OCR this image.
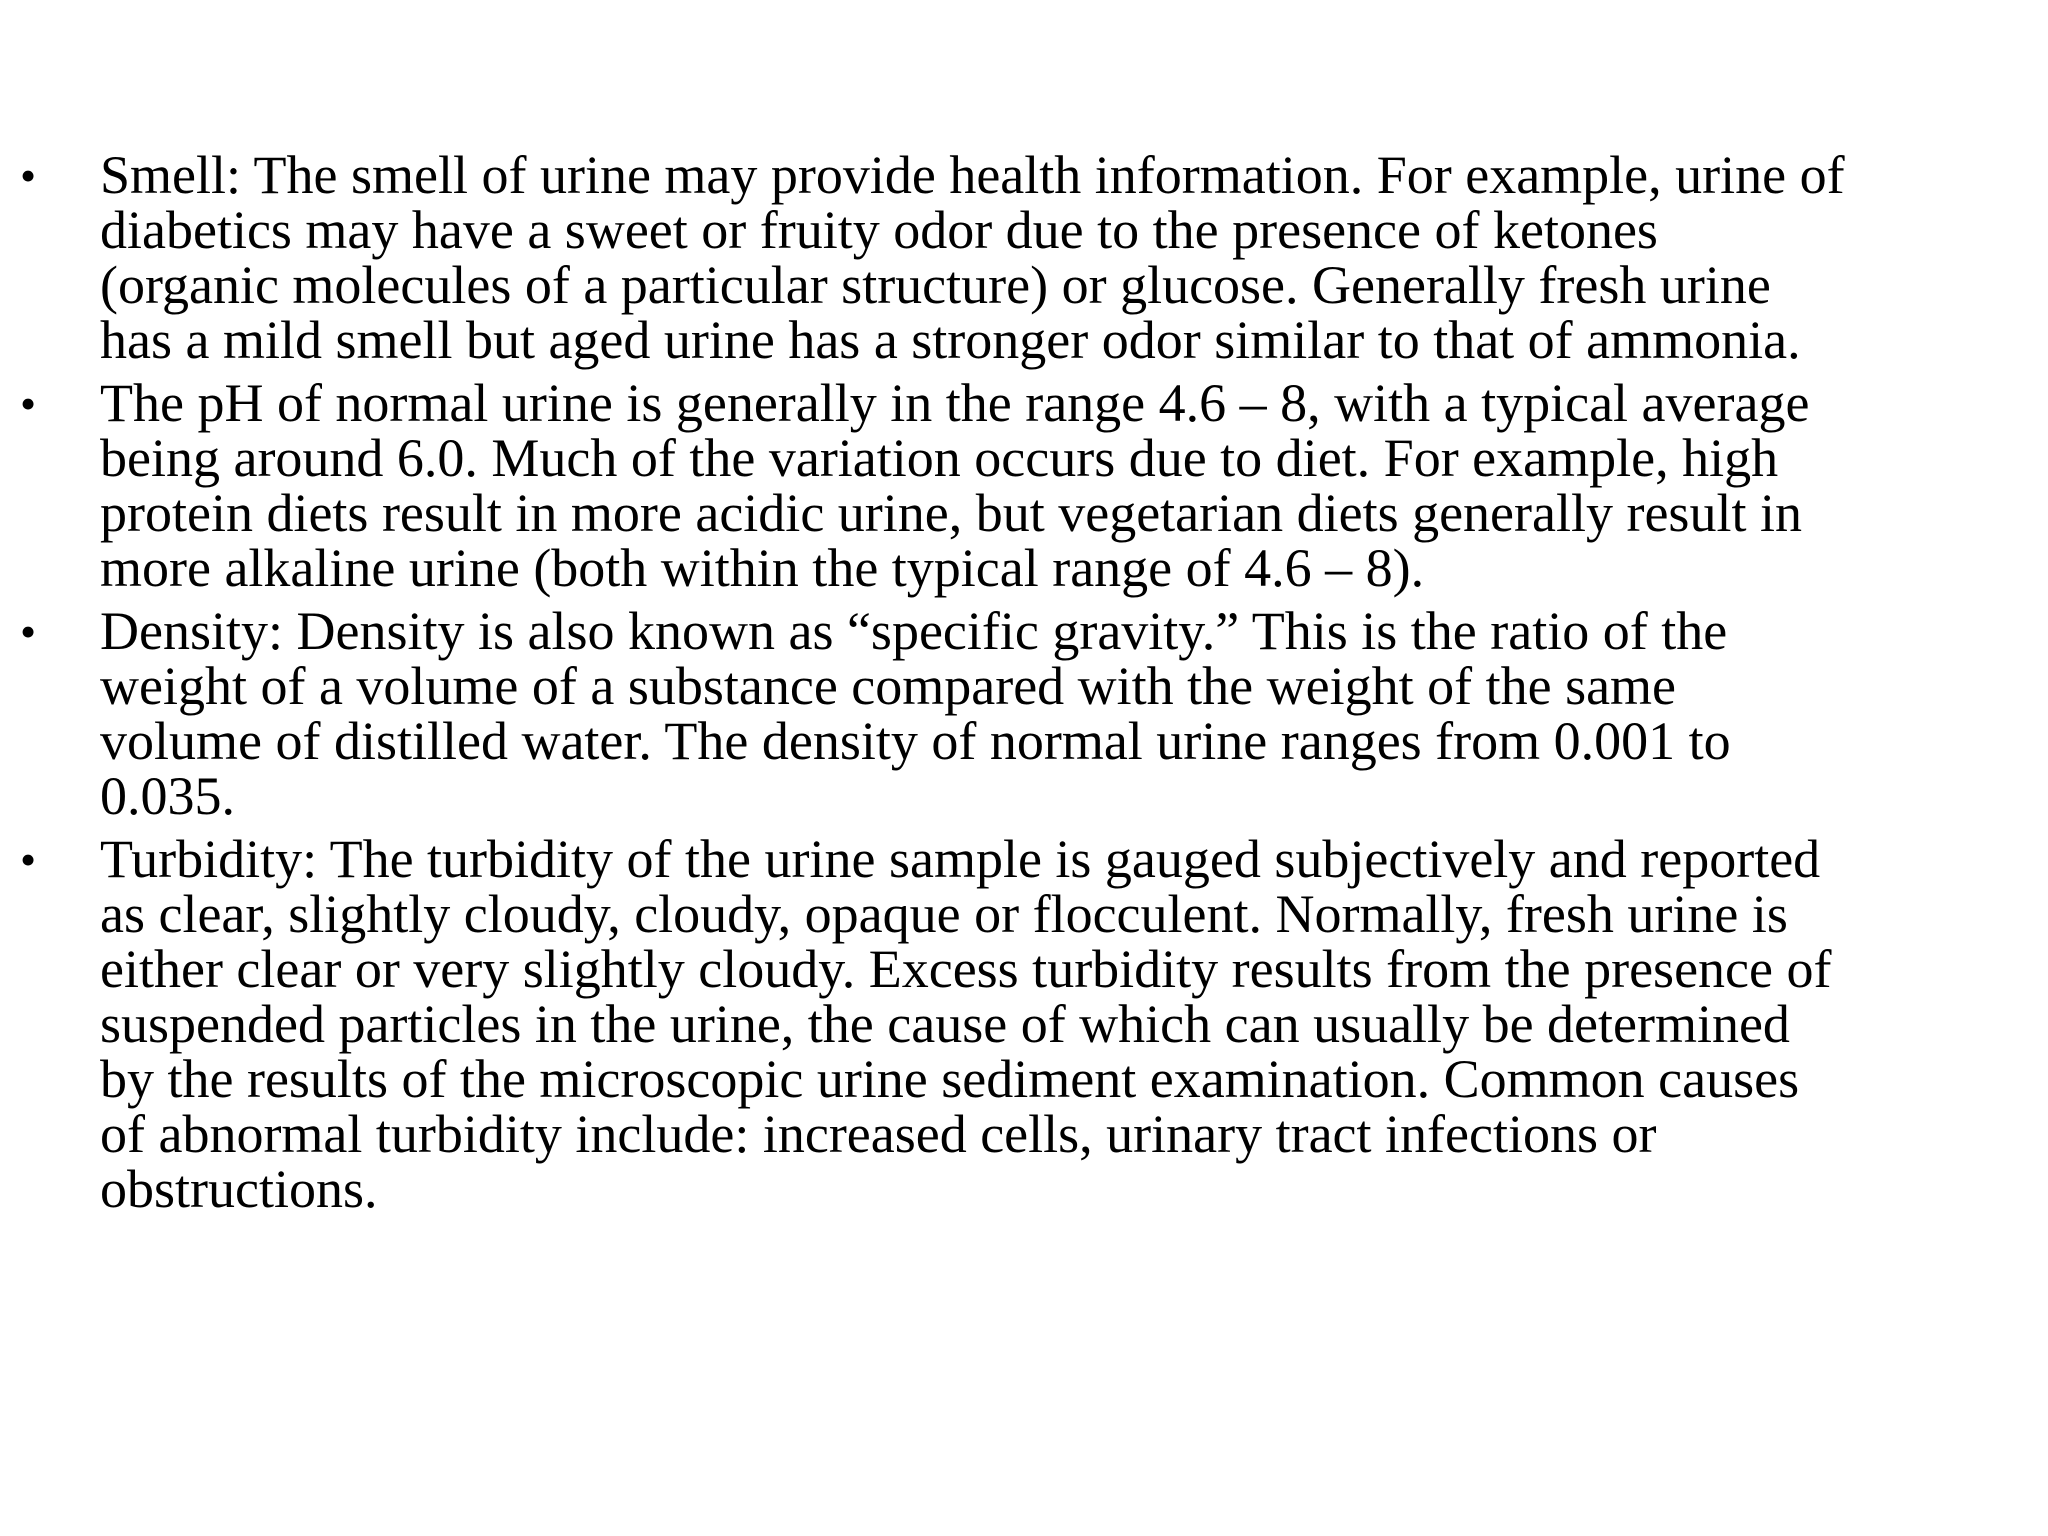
•	Smell: The smell of urine may provide health information. For example, urine of diabetics may have a sweet or fruity odor due to the presence of ketones (organic molecules of a particular structure) or glucose. Generally fresh urine has a mild smell but aged urine has a stronger odor similar to that of ammonia.
•	The pH of normal urine is generally in the range 4.6 – 8, with a typical average being around 6.0. Much of the variation occurs due to diet. For example, high protein diets result in more acidic urine, but vegetarian diets generally result in more alkaline urine (both within the typical range of 4.6 – 8).
•	Density: Density is also known as “specific gravity.” This is the ratio of the weight of a volume of a substance compared with the weight of the same volume of distilled water. The density of normal urine ranges from 0.001 to 0.035.
•	Turbidity: The turbidity of the urine sample is gauged subjectively and reported as clear, slightly cloudy, cloudy, opaque or flocculent. Normally, fresh urine is either clear or very slightly cloudy. Excess turbidity results from the presence of suspended particles in the urine, the cause of which can usually be determined by the results of the microscopic urine sediment examination. Common causes of abnormal turbidity include: increased cells, urinary tract infections or obstructions.
